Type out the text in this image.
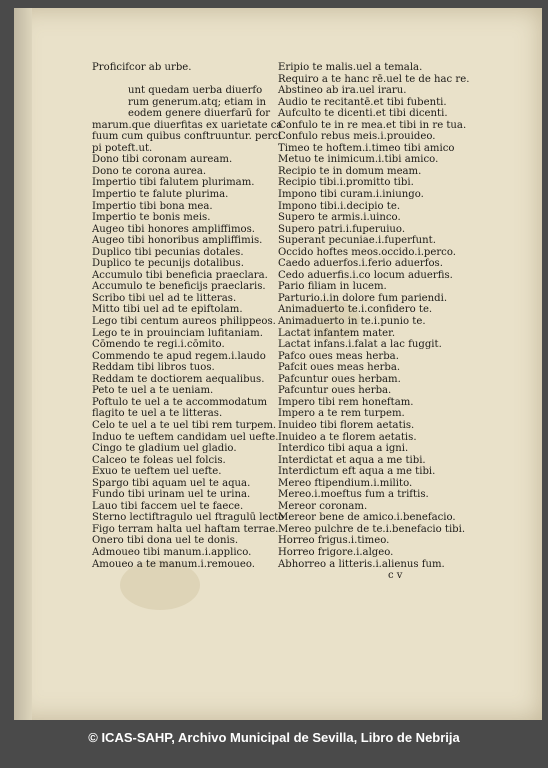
Proficifcor ab urbe.
unt quedam uerba diuerfo
rum generum.atq; etiam in
eodem genere diuerfarū for
marum.que diuerfitas ex uarietate ca
fuum cum quibus conftruuntur. perci
pi poteft.ut.
Dono tibi coronam auream.
Dono te corona aurea.
Impertio tibi falutem plurimam.
Impertio te falute plurima.
Impertio tibi bona mea.
Impertio te bonis meis.
Augeo tibi honores ampliffimos.
Augeo tibi honoribus ampliffimis.
Duplico tibi pecunias dotales.
Duplico te pecunijs dotalibus.
Accumulo tibi beneficia praeclara.
Accumulo te beneficijs praeclaris.
Scribo tibi uel ad te litteras.
Mitto tibi uel ad te epiftolam.
Lego tibi centum aureos philippeos.
Lego te in prouinciam lufitaniam.
Cōmendo te regi.i.cōmito.
Commendo te apud regem.i.laudo
Reddam tibi libros tuos.
Reddam te doctiorem aequalibus.
Peto te uel a te ueniam.
Poftulo te uel a te accommodatum
flagito te uel a te litteras.
Celo te uel a te uel tibi rem turpem.
Induo te ueftem candidam uel uefte.
Cingo te gladium uel gladio.
Calceo te foleas uel folcis.
Exuo te ueftem uel uefte.
Spargo tibi aquam uel te aqua.
Fundo tibi urinam uel te urina.
Lauo tibi faccem uel te faece.
Sterno lectiftragulo uel ftragulū lecto
Figo terram halta uel haftam terrae.
Onero tibi dona uel te donis.
Admoueo tibi manum.i.applico.
Amoueo a te manum.i.remoueo.
Eripio te malis.uel a temala.
Requiro a te hanc rē.uel te de hac re.
Abstineo ab ira.uel iraru.
Audio te recitantē.et tibi fubenti.
Aufculto te dicenti.et tibi dicenti.
Confulo te in re mea.et tibi in re tua.
Confulo rebus meis.i.prouideo.
Timeo te hoftem.i.timeo tibi amico
Metuo te inimicum.i.tibi amico.
Recipio te in domum meam.
Recipio tibi.i.promitto tibi.
Impono tibi curam.i.iniungo.
Impono tibi.i.decipio te.
Supero te armis.i.uinco.
Supero patri.i.fuperuiuo.
Superant pecuniae.i.fuperfunt.
Occido hoftes meos.occido.i.perco.
Caedo aduerfos.i.ferio aduerfos.
Cedo aduerfis.i.co locum aduerfis.
Pario filiam in lucem.
Parturio.i.in dolore fum pariendi.
Animaduerto te.i.confidero te.
Animaduerto in te.i.punio te.
Lactat infantem mater.
Lactat infans.i.falat a lac fuggit.
Pafco oues meas herba.
Pafcit oues meas herba.
Pafcuntur oues herbam.
Pafcuntur oues herba.
Impero tibi rem honeftam.
Impero a te rem turpem.
Inuideo tibi florem aetatis.
Inuideo a te florem aetatis.
Interdico tibi aqua a igni.
Interdictat et aqua a me tibi.
Interdictum eft aqua a me tibi.
Mereo ftipendium.i.milito.
Mereo.i.moeftus fum a triftis.
Mereor coronam.
Mereor bene de amico.i.benefacio.
Mereo pulchre de te.i.benefacio tibi.
Horreo frigus.i.timeo.
Horreo frigore.i.algeo.
Abhorreo a litteris.i.alienus fum.
c v
© ICAS-SAHP, Archivo Municipal de Sevilla, Libro de Nebrija
